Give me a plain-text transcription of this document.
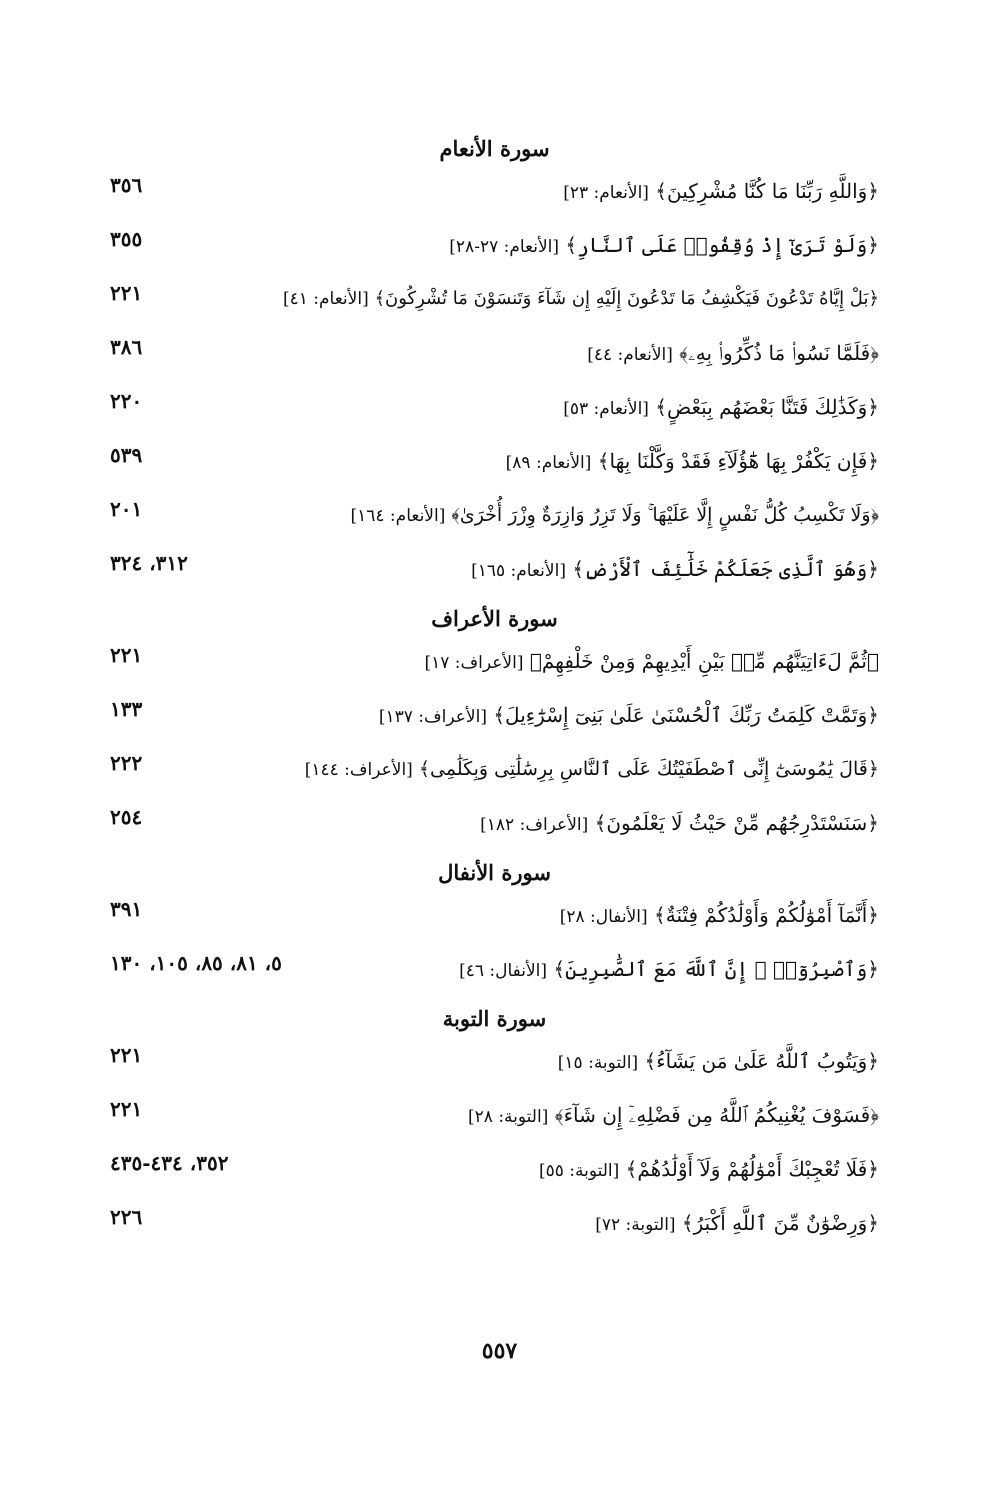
سورة الأنعام
﴿وَاللَّهِ رَبِّنَا مَا كُنَّا مُشْرِكِينَ﴾ [الأنعام: ٢٣]
٣٥٦
﴿وَلَوْ تَرَىٰٓ إِذْ وُقِفُوا۟ عَلَى ٱلنَّارِ﴾ [الأنعام: ٢٧-٢٨]
٣٥٥
﴿بَلْ إِيَّاهُ تَدْعُونَ فَيَكْشِفُ مَا تَدْعُونَ إِلَيْهِ إِن شَآءَ وَتَنسَوْنَ مَا تُشْرِكُونَ﴾ [الأنعام: ٤١]
٢٢١
﴿فَلَمَّا نَسُوا۟ مَا ذُكِّرُوا۟ بِهِۦ﴾ [الأنعام: ٤٤]
٣٨٦
﴿وَكَذَٰلِكَ فَتَنَّا بَعْضَهُم بِبَعْضٍ﴾ [الأنعام: ٥٣]
٢٢٠
﴿فَإِن يَكْفُرْ بِهَا هَٰٓؤُلَآءِ فَقَدْ وَكَّلْنَا بِهَا﴾ [الأنعام: ٨٩]
٥٣٩
﴿وَلَا تَكْسِبُ كُلُّ نَفْسٍ إِلَّا عَلَيْهَا ۚ وَلَا تَزِرُ وَازِرَةٌ وِزْرَ أُخْرَىٰ﴾ [الأنعام: ١٦٤]
٢٠١
﴿وَهُوَ ٱلَّذِى جَعَلَكُمْ خَلَٰٓئِفَ ٱلْأَرْضِ﴾ [الأنعام: ١٦٥]
٣١٢، ٣٢٤
سورة الأعراف
﴿ثُمَّ لَءَاتِيَنَّهُم مِّنۢ بَيْنِ أَيْدِيهِمْ وَمِنْ خَلْفِهِمْ﴾ [الأعراف: ١٧]
٢٢١
﴿وَتَمَّتْ كَلِمَتُ رَبِّكَ ٱلْحُسْنَىٰ عَلَىٰ بَنِىٓ إِسْرَٰٓءِيلَ﴾ [الأعراف: ١٣٧]
١٣٣
﴿قَالَ يَٰمُوسَىٰٓ إِنِّى ٱصْطَفَيْتُكَ عَلَى ٱلنَّاسِ بِرِسَٰلَٰتِى وَبِكَلَٰمِى﴾ [الأعراف: ١٤٤]
٢٢٢
﴿سَنَسْتَدْرِجُهُم مِّنْ حَيْثُ لَا يَعْلَمُونَ﴾ [الأعراف: ١٨٢]
٢٥٤
سورة الأنفال
﴿أَنَّمَآ أَمْوَٰلُكُمْ وَأَوْلَٰدُكُمْ فِتْنَةٌ﴾ [الأنفال: ٢٨]
٣٩١
﴿وَٱصْبِرُوٓا۟ ۚ إِنَّ ٱللَّهَ مَعَ ٱلصَّٰبِرِينَ﴾ [الأنفال: ٤٦]
٥، ٨١، ٨٥، ١٠٥، ١٣٠
سورة التوبة
﴿وَيَتُوبُ ٱللَّهُ عَلَىٰ مَن يَشَآءُ﴾ [التوبة: ١٥]
٢٢١
﴿فَسَوْفَ يُغْنِيكُمُ ٱللَّهُ مِن فَضْلِهِۦٓ إِن شَآءَ﴾ [التوبة: ٢٨]
٢٢١
﴿فَلَا تُعْجِبْكَ أَمْوَٰلُهُمْ وَلَآ أَوْلَٰدُهُمْ﴾ [التوبة: ٥٥]
٣٥٢، ٤٣٤-٤٣٥
﴿وَرِضْوَٰنٌ مِّنَ ٱللَّهِ أَكْبَرُ﴾ [التوبة: ٧٢]
٢٢٦
٥٥٧
